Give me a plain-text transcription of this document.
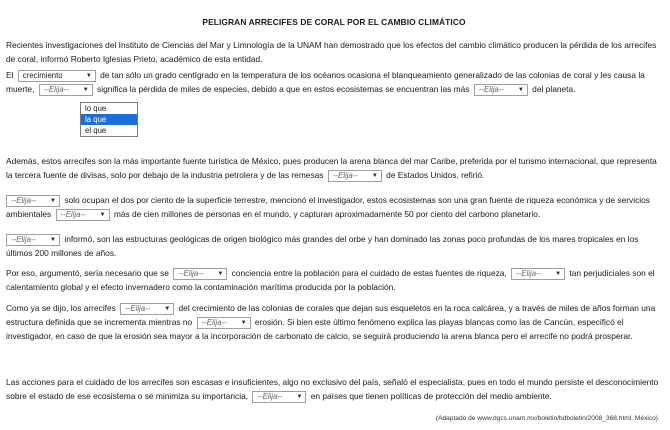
PELIGRAN ARRECIFES DE CORAL POR EL CAMBIO CLIMÁTICO
Recientes investigaciones del Instituto de Ciencias del Mar y Limnología de la UNAM han demostrado que los efectos del cambio climático producen la pérdida de los arrecifes de coral, informó Roberto Iglesias Prieto, académico de esta entidad.
El crecimiento	▼ de tan sólo un grado centígrado en la temperatura de los océanos ocasiona el blanqueamiento generalizado de las colonias de coral y les causa la muerte, --Elija-- ▼ significa la pérdida de miles de especies, debido a que en estos ecosistemas se encuentran las más --Elija-- ▼ del planeta.
lo que
la que
el que
Además, estos arrecifes son la más importante fuente turística de México, pues producen la arena blanca del mar Caribe, preferida por el turismo internacional, que representa la tercera fuente de divisas, solo por debajo de la industria petrolera y de las remesas --Elija-- ▼ de Estados Unidos, refirió.
--Elija-- ▼ solo ocupan el dos por ciento de la superficie terrestre, mencionó el investigador, estos ecosistemas son una gran fuente de riqueza económica y de servicios ambientales --Elija-- ▼ más de cien millones de personas en el mundo, y capturan aproximadamente 50 por ciento del carbono planetario.
--Elija-- ▼ informó, son las estructuras geológicas de origen biológico más grandes del orbe y han dominado las zonas poco profundas de los mares tropicales en los últimos 200 millones de años.
Por eso, argumentó, sería necesario que se --Elija-- ▼ conciencia entre la población para el cuidado de estas fuentes de riqueza, --Elija-- ▼ tan perjudiciales son el calentamiento global y el efecto invernadero como la contaminación marítima producida por la población.
Como ya se dijo, los arrecifes --Elija-- ▼ del crecimiento de las colonias de corales que dejan sus esqueletos en la roca calcárea, y a través de miles de años forman una estructura definida que se incrementa mientras no --Elija-- ▼ erosión. Si bien este último fenómeno explica las playas blancas como las de Cancún, especificó el investigador, en caso de que la erosión sea mayor a la incorporación de carbonato de calcio, se seguirá produciendo la arena blanca pero el arrecife no podrá prosperar.
Las acciones para el cuidado de los arrecifes son escasas e insuficientes, algo no exclusivo del país, señaló el especialista, pues en todo el mundo persiste el desconocimiento sobre el estado de ese ecosistema o se minimiza su importancia, --Elija-- ▼ en países que tienen políticas de protección del medio ambiente.
(Adaptado de www.dgcs.unam.mx/boletin/bdboletin/2008_368.html. México)
